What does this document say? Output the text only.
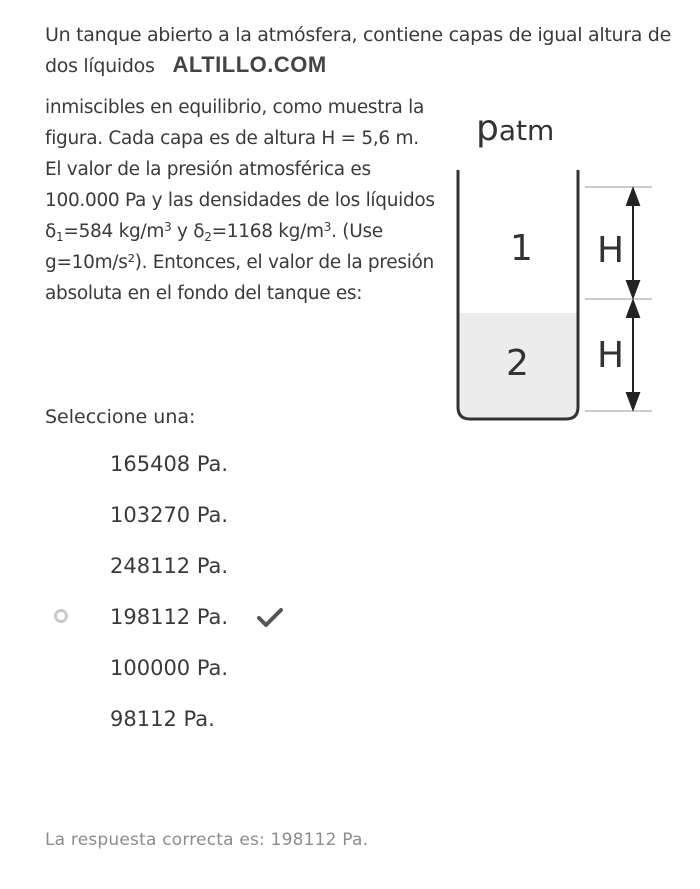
Un tanque abierto a la atmósfera, contiene capas de igual altura de dos líquidos ALTILLO.COM
inmiscibles en equilibrio, como muestra la figura. Cada capa es de altura H = 5,6 m. El valor de la presión atmosférica es 100.000 Pa y las densidades de los líquidos $\delta_1=584$ $kg/m^3$ y $\delta_2=1168$ $kg/m^3$. (Use g=10m/s²). Entonces, el valor de la presión absoluta en el fondo del tanque es:
patm
1
2
H
H
Seleccione una:
165408 Pa.
103270 Pa.
248112 Pa.
198112 Pa.
100000 Pa.
98112 Pa.
La respuesta correcta es: 198112 Pa.
